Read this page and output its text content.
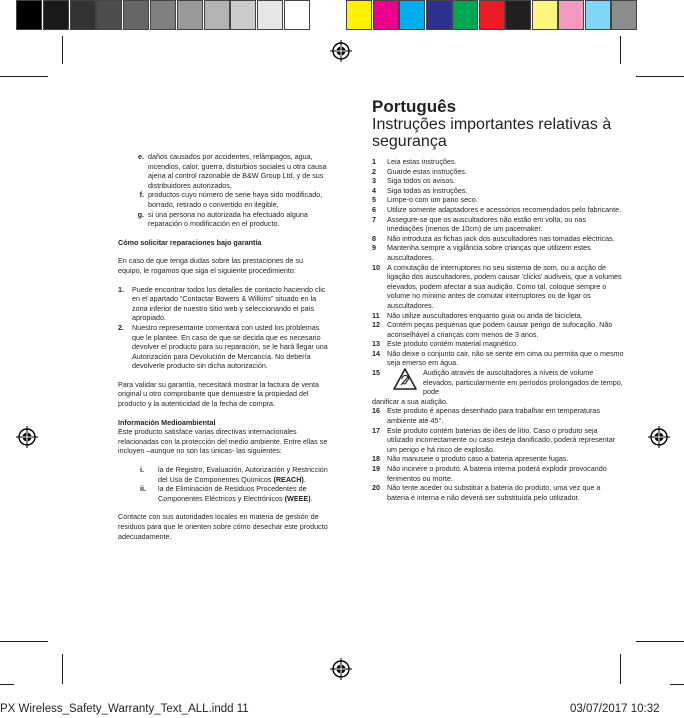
e. daños causados por accidentes, relámpagos, agua, incendios, calor, guerra, disturbios sociales u otra causa ajena al control razonable de B&W Group Ltd. y de sus distribuidores autorizados,
f. productos cuyo número de serie haya sido modificado, borrado, retirado o convertido en ilegible,
g. si una persona no autorizada ha efectuado alguna reparación o modificación en el producto.

Cómo solicitar reparaciones bajo garantía

En caso de que tenga dudas sobre las prestaciones de su equipo, le rogamos que siga el siguiente procedimiento:

1. Puede encontrar todos los detalles de contacto haciendo clic en el apartado “Contactar Bowers & Wilkins” situado en la zona inferior de nuestro sitio web y seleccionando el país apropiado.
2. Nuestro representante comentará con usted los problemas que le plantee. En caso de que se decida que es necesario devolver el producto para su reparación, se le hará llegar una Autorización para Devolución de Mercancía. No debería devolverle producto sin dicha autorización.

Para validar su garantía, necesitará mostrar la factura de venta original u otro comprobante que demuestre la propiedad del producto y la autenticidad de la fecha de compra.

Información Medioambiental

Este producto satisface varias directivas internacionales relacionadas con la protección del medio ambiente. Entre ellas se incluyen –aunque no son las únicas- las siguientes:

i. la de Registro, Evaluación, Autorización y Restricción del Uso de Componentes Químicos (REACH).
ii. la de Eliminación de Residuos Procedentes de Componentes Eléctricos y Electrónicos (WEEE).

Contacte con sus autoridades locales en materia de gestión de residuos para que le orienten sobre cómo desechar este producto adecuadamente.

Português
Instruções importantes relativas à segurança
1 Leia estas instruções.
2 Guarde estas instruções.
3 Siga todos os avisos.
4 Siga todas as instruções.
5 Limpe-o com um pano seco.
6 Utilize somente adaptadores e acessórios recomendados pelo fabricante.
7 Assegure-se que os auscultadores não estão em volta, ou nas imediações (menos de 10cm) de um pacemaker.
8 Não introduza as fichas jack dos auscultadores nas tomadas eléctricas.
9 Mantenha sempre a vigilância sobre crianças que utilizem estes auscultadores.
10 A comutação de interruptores no seu sistema de som, ou a acção de ligação dos auscultadores, podem causar ‘clicks’ audíveis, que a volumes elevados, podem afectar a sua audição. Como tal, coloque sempre o volume no mínimo antes de comutar interruptores ou de ligar os auscultadores.
11 Não utilize auscultadores enquanto guia ou anda de bicicleta.
12 Contém peças pequenas que podem causar perigo de sufocação. Não aconselhável a crianças com menos de 3 anos.
13 Este produto contém material magnético.
14 Não deixe o conjunto cair, não se sente em cima ou permita que o mesmo seja emerso em água.
15	Audição através de auscultadores a níveis de volume elevados, particularmente em períodos prolongados de tempo, pode
danificar a sua audição.
16 Este produto é apenas desenhado para trabalhar em temperaturas ambiente até 45°.
17 Este produto contém baterias de iões de lítio. Caso o produto seja utilizado incorrectamente ou caso esteja danificado, poderá representar um perigo e há risco de explosão.
18 Não manuseie o produto caso a bateria apresente fugas.
19 Não incinere o produto. A bateria interna poderá explodir provocando ferimentos ou morte.
20 Não tente aceder ou substituir a bateria do produto, uma vez que a bateria é interna e não deverá ser substituída pelo utilizador.
PX Wireless_Safety_Warranty_Text_ALL.indd 11	03/07/2017 10:32
